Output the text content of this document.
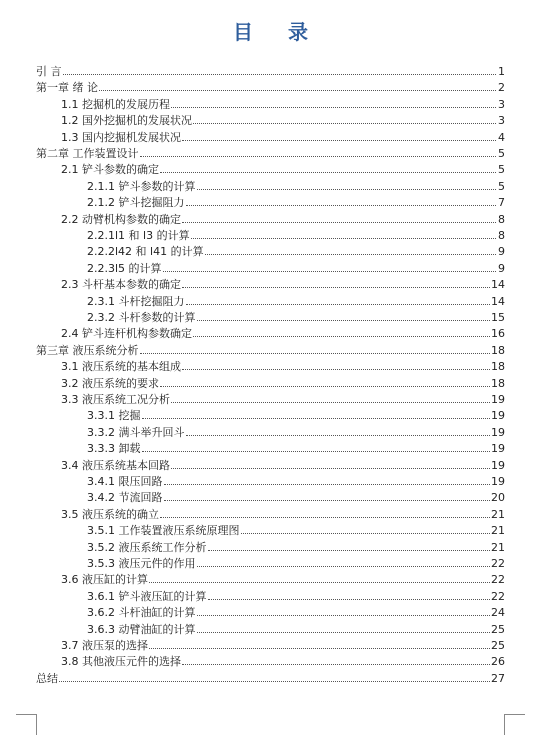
目 录
引 言	1
第一章 绪 论	2
1.1 挖掘机的发展历程	3
1.2 国外挖掘机的发展状况	3
1.3 国内挖掘机发展状况	4
第二章 工作装置设计	5
2.1 铲斗参数的确定	5
2.1.1 铲斗参数的计算	5
2.1.2 铲斗挖掘阻力	7
2.2 动臂机构参数的确定	8
2.2.1l1 和 l3 的计算	8
2.2.2l42 和 l41 的计算	9
2.2.3l5 的计算	9
2.3 斗杆基本参数的确定	14
2.3.1 斗杆挖掘阻力	14
2.3.2 斗杆参数的计算	15
2.4 铲斗连杆机构参数确定	16
第三章 液压系统分析	18
3.1 液压系统的基本组成	18
3.2 液压系统的要求	18
3.3 液压系统工况分析	19
3.3.1 挖掘	19
3.3.2 满斗举升回斗	19
3.3.3 卸载	19
3.4 液压系统基本回路	19
3.4.1 限压回路	19
3.4.2 节流回路	20
3.5 液压系统的确立	21
3.5.1 工作装置液压系统原理图	21
3.5.2 液压系统工作分析	21
3.5.3 液压元件的作用	22
3.6 液压缸的计算	22
3.6.1 铲斗液压缸的计算	22
3.6.2 斗杆油缸的计算	24
3.6.3 动臂油缸的计算	25
3.7 液压泵的选择	25
3.8 其他液压元件的选择	26
总结	27
